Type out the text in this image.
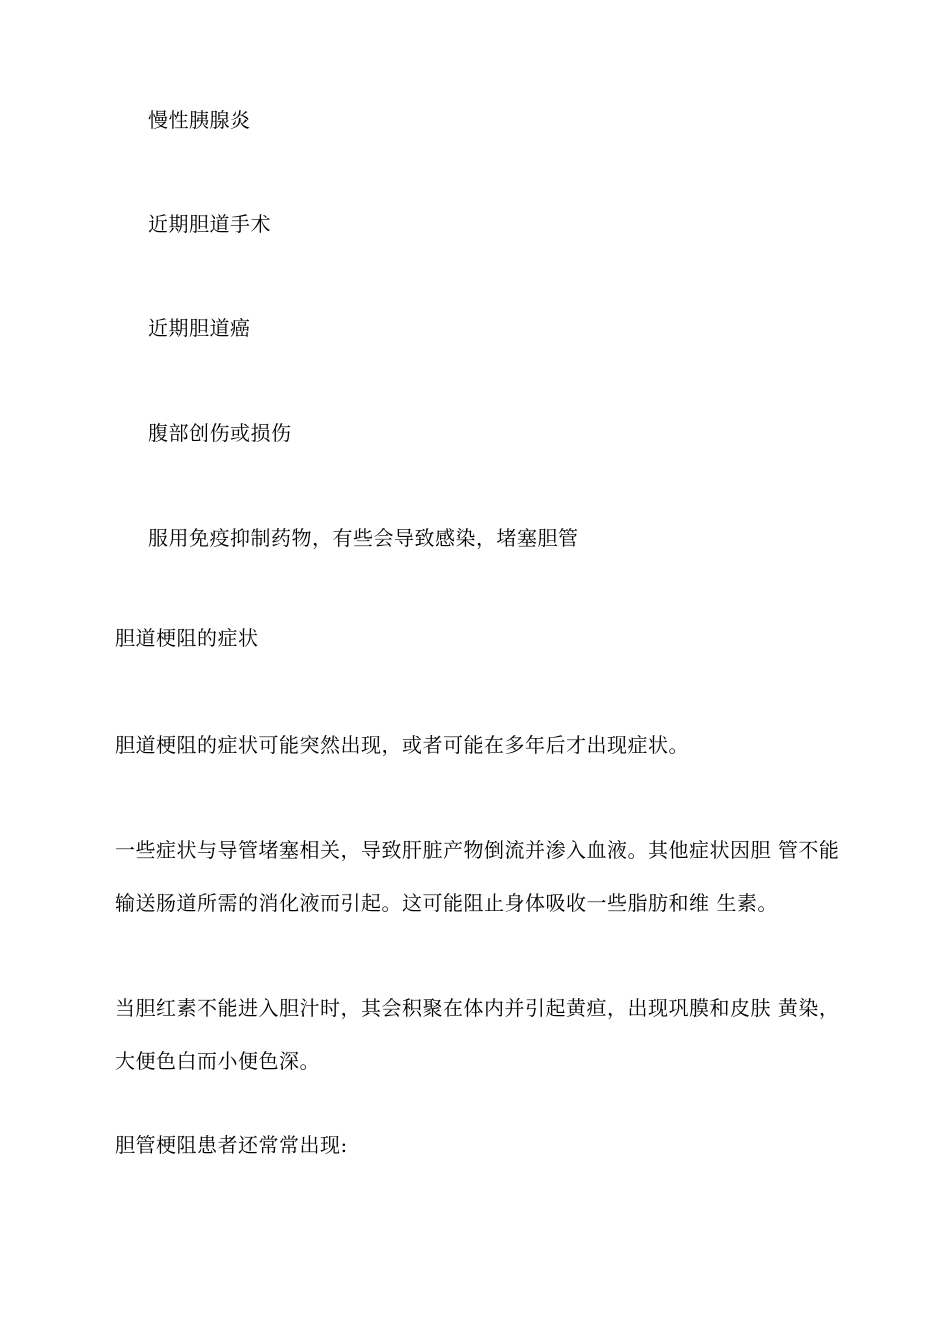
慢性胰腺炎
近期胆道手术
近期胆道癌
腹部创伤或损伤
服用免疫抑制药物，有些会导致感染，堵塞胆管
胆道梗阻的症状
胆道梗阻的症状可能突然出现，或者可能在多年后才出现症状。
一些症状与导管堵塞相关，导致肝脏产物倒流并渗入血液。其他症状因胆 管不能
输送肠道所需的消化液而引起。这可能阻止身体吸收一些脂肪和维 生素。
当胆红素不能进入胆汁时，其会积聚在体内并引起黄疸，出现巩膜和皮肤 黄染，
大便色白而小便色深。
胆管梗阻患者还常常出现:
